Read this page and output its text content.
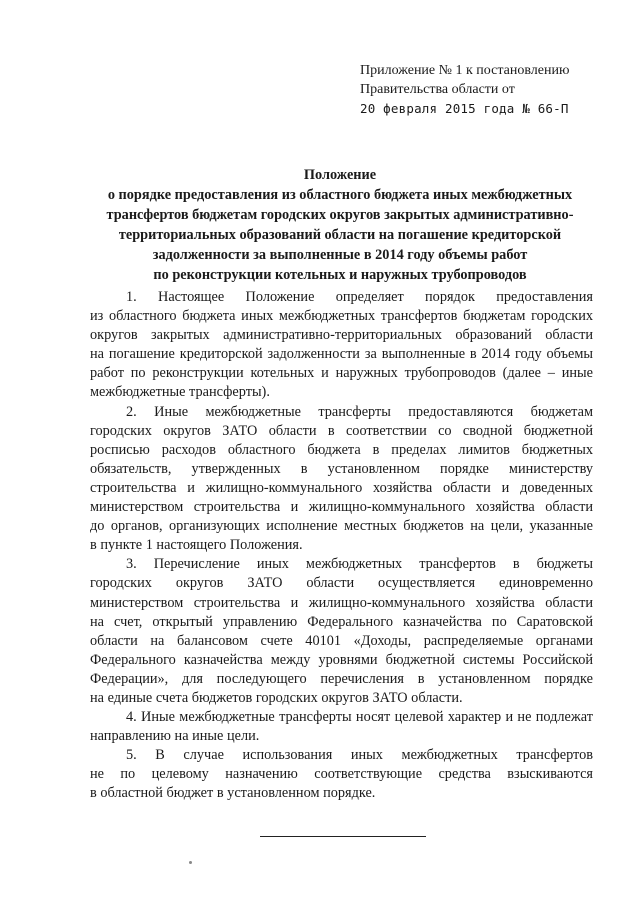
Приложение № 1 к постановлению
Правительства области от
20 февраля 2015 года № 66-П
Положение
о порядке предоставления из областного бюджета иных межбюджетных
трансфертов бюджетам городских округов закрытых административно-
территориальных образований области на погашение кредиторской
задолженности за выполненные в 2014 году объемы работ
по реконструкции котельных и наружных трубопроводов
1. Настоящее Положение определяет порядок предоставления
из областного бюджета иных межбюджетных трансфертов бюджетам городских
округов закрытых административно-территориальных образований области
на погашение кредиторской задолженности за выполненные в 2014 году объемы
работ по реконструкции котельных и наружных трубопроводов (далее – иные
межбюджетные трансферты).
2. Иные межбюджетные трансферты предоставляются бюджетам
городских округов ЗАТО области в соответствии со сводной бюджетной
росписью расходов областного бюджета в пределах лимитов бюджетных
обязательств, утвержденных в установленном порядке министерству
строительства и жилищно-коммунального хозяйства области и доведенных
министерством строительства и жилищно-коммунального хозяйства области
до органов, организующих исполнение местных бюджетов на цели, указанные
в пункте 1 настоящего Положения.
3. Перечисление иных межбюджетных трансфертов в бюджеты
городских округов ЗАТО области осуществляется единовременно
министерством строительства и жилищно-коммунального хозяйства области
на счет, открытый управлению Федерального казначейства по Саратовской
области на балансовом счете 40101 «Доходы, распределяемые органами
Федерального казначейства между уровнями бюджетной системы Российской
Федерации», для последующего перечисления в установленном порядке
на единые счета бюджетов городских округов ЗАТО области.
4. Иные межбюджетные трансферты носят целевой характер и не подлежат
направлению на иные цели.
5. В случае использования иных межбюджетных трансфертов
не по целевому назначению соответствующие средства взыскиваются
в областной бюджет в установленном порядке.
